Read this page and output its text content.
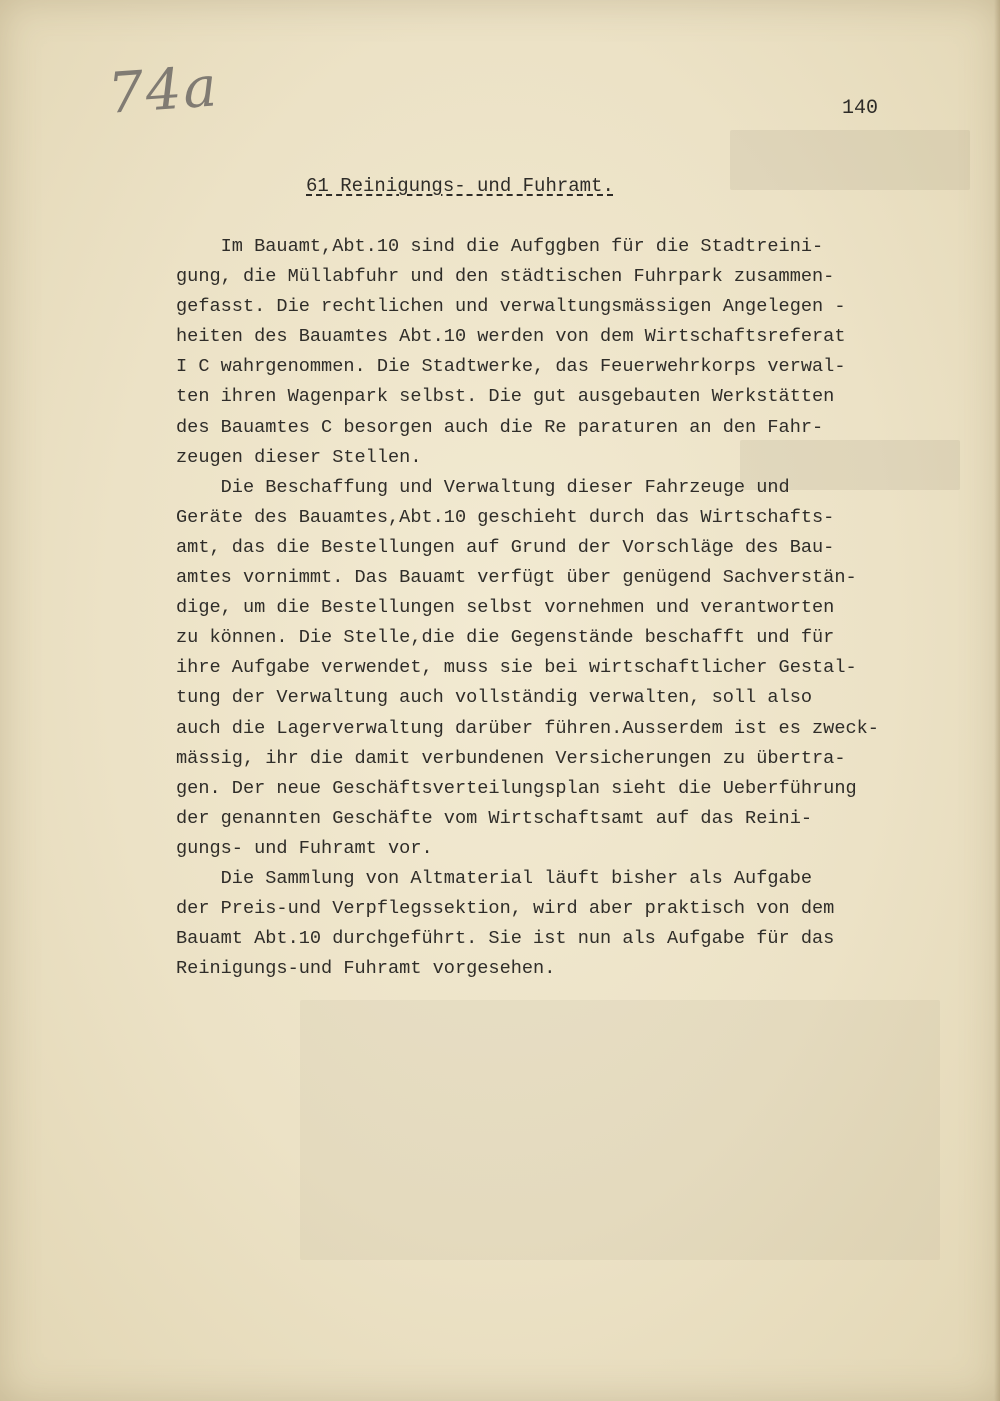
74a	140
61 Reinigungs- und Fuhramt.
Im Bauamt,Abt.10 sind die Aufggben für die Stadtreini-
gung, die Müllabfuhr und den städtischen Fuhrpark zusammen-
gefasst. Die rechtlichen und verwaltungsmässigen Angelegen -
heiten des Bauamtes Abt.10 werden von dem Wirtschaftsreferat
I C wahrgenommen. Die Stadtwerke, das Feuerwehrkorps verwal-
ten ihren Wagenpark selbst. Die gut ausgebauten Werkstätten
des Bauamtes C besorgen auch die Re paraturen an den Fahr-
zeugen dieser Stellen.
Die Beschaffung und Verwaltung dieser Fahrzeuge und
Geräte des Bauamtes,Abt.10 geschieht durch das Wirtschafts-
amt, das die Bestellungen auf Grund der Vorschläge des Bau-
amtes vornimmt. Das Bauamt verfügt über genügend Sachverstän-
dige, um die Bestellungen selbst vornehmen und verantworten
zu können. Die Stelle,die die Gegenstände beschafft und für
ihre Aufgabe verwendet, muss sie bei wirtschaftlicher Gestal-
tung der Verwaltung auch vollständig verwalten, soll also
auch die Lagerverwaltung darüber führen.Ausserdem ist es zweck-
mässig, ihr die damit verbundenen Versicherungen zu übertra-
gen. Der neue Geschäftsverteilungsplan sieht die Ueberführung
der genannten Geschäfte vom Wirtschaftsamt auf das Reini-
gungs- und Fuhramt vor.
Die Sammlung von Altmaterial läuft bisher als Aufgabe
der Preis-und Verpflegssektion, wird aber praktisch von dem
Bauamt Abt.10 durchgeführt. Sie ist nun als Aufgabe für das
Reinigungs-und Fuhramt vorgesehen.
